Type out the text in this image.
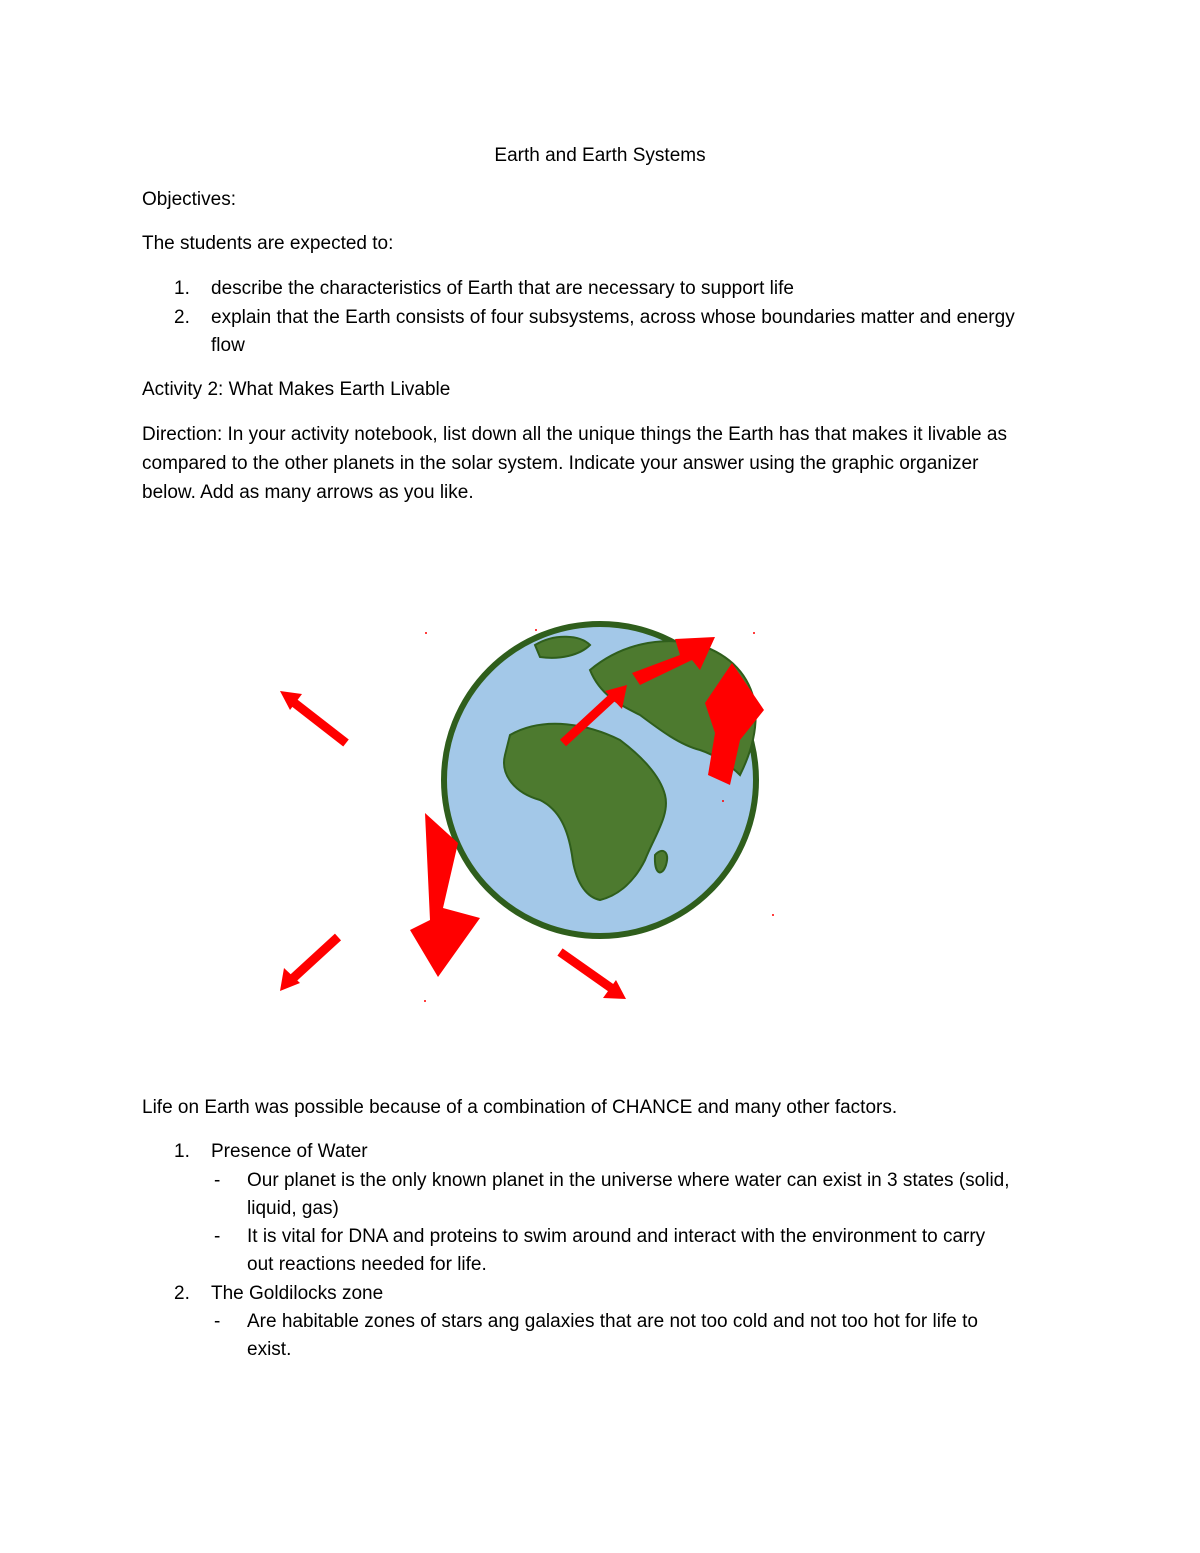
Earth and Earth Systems
Objectives:
The students are expected to:
1. describe the characteristics of Earth that are necessary to support life
2. explain that the Earth consists of four subsystems, across whose boundaries matter and energy
flow
Activity 2: What Makes Earth Livable
Direction: In your activity notebook, list down all the unique things the Earth has that makes it livable as
compared to the other planets in the solar system. Indicate your answer using the graphic organizer
below. Add as many arrows as you like.
Life on Earth was possible because of a combination of CHANCE and many other factors.
1. Presence of Water
- Our planet is the only known planet in the universe where water can exist in 3 states (solid,
liquid, gas)
- It is vital for DNA and proteins to swim around and interact with the environment to carry
out reactions needed for life.
2. The Goldilocks zone
- Are habitable zones of stars ang galaxies that are not too cold and not too hot for life to
exist.
